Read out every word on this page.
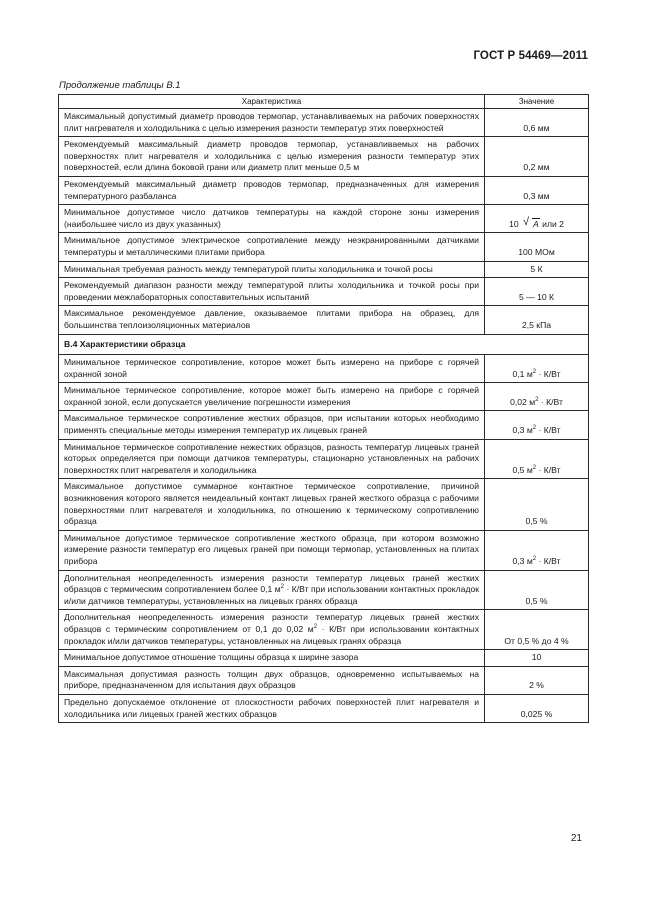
ГОСТ Р 54469—2011
Продолжение таблицы В.1
Характеристика	Значение
Максимальный допустимый диаметр проводов термопар, устанавливаемых на рабочих поверхностях плит нагревателя и холодильника с целью измерения разности температур этих поверхностей	0,6 мм
Рекомендуемый максимальный диаметр проводов термопар, устанавливаемых на рабочих поверхностях плит нагревателя и холодильника с целью измерения разности температур этих поверхностей, если длина боковой грани или диаметр плит меньше 0,5 м	0,2 мм
Рекомендуемый максимальный диаметр проводов термопар, предназначенных для измерения температурного разбаланса	0,3 мм
Минимальное допустимое число датчиков температуры на каждой стороне зоны измерения (наибольшее число из двух указанных)	10 √ A или 2
Минимальное допустимое электрическое сопротивление между неэкранированными датчиками температуры и металлическими плитами прибора	100 МОм
Минимальная требуемая разность между температурой плиты холодильника и точкой росы	5 К
Рекомендуемый диапазон разности между температурой плиты холодильника и точкой росы при проведении межлабораторных сопоставительных испытаний	5 — 10 К
Максимальное рекомендуемое давление, оказываемое плитами прибора на образец, для большинства теплоизоляционных материалов	2,5 кПа
В.4 Характеристики образца	
Минимальное термическое сопротивление, которое может быть измерено на приборе с горячей охранной зоной	0,1 $м^2 \cdot К/Вт$
Минимальное термическое сопротивление, которое может быть измерено на приборе с горячей охранной зоной, если допускается увеличение погрешности измерения	0,02 $м^2 \cdot К/Вт$
Максимальное термическое сопротивление жестких образцов, при испытании которых необходимо применять специальные методы измерения температур их лицевых граней	0,3 $м^2 \cdot К/Вт$
Минимальное термическое сопротивление нежестких образцов, разность температур лицевых граней которых определяется при помощи датчиков температуры, стационарно установленных на рабочих поверхностях плит нагревателя и холодильника	0,5 $м^2 \cdot К/Вт$
Максимальное допустимое суммарное контактное термическое сопротивление, причиной возникновения которого является неидеальный контакт лицевых граней жесткого образца с рабочими поверхностями плит нагревателя и холодильника, по отношению к термическому сопротивлению образца	0,5 %
Минимальное допустимое термическое сопротивление жесткого образца, при котором возможно измерение разности температур его лицевых граней при помощи термопар, установленных на плитах прибора	0,3 $м^2 \cdot К/Вт$
Дополнительная неопределенность измерения разности температур лицевых граней жестких образцов с термическим сопротивлением более 0,1 $м^2 \cdot К/Вт$ при использовании контактных прокладок и/или датчиков температуры, установленных на лицевых гранях образца	0,5 %
Дополнительная неопределенность измерения разности температур лицевых граней жестких образцов с термическим сопротивлением от 0,1 до 0,02 $м^2 \cdot К/Вт$ при использовании контактных прокладок и/или датчиков температуры, установленных на лицевых гранях образца	От 0,5 % до 4 %
Минимальное допустимое отношение толщины образца к ширине зазора	10
Максимальная допустимая разность толщин двух образцов, одновременно испытываемых на приборе, предназначенном для испытания двух образцов	2 %
Предельно допускаемое отклонение от плоскостности рабочих поверхностей плит нагревателя и холодильника или лицевых граней жестких образцов	0,025 %
21
